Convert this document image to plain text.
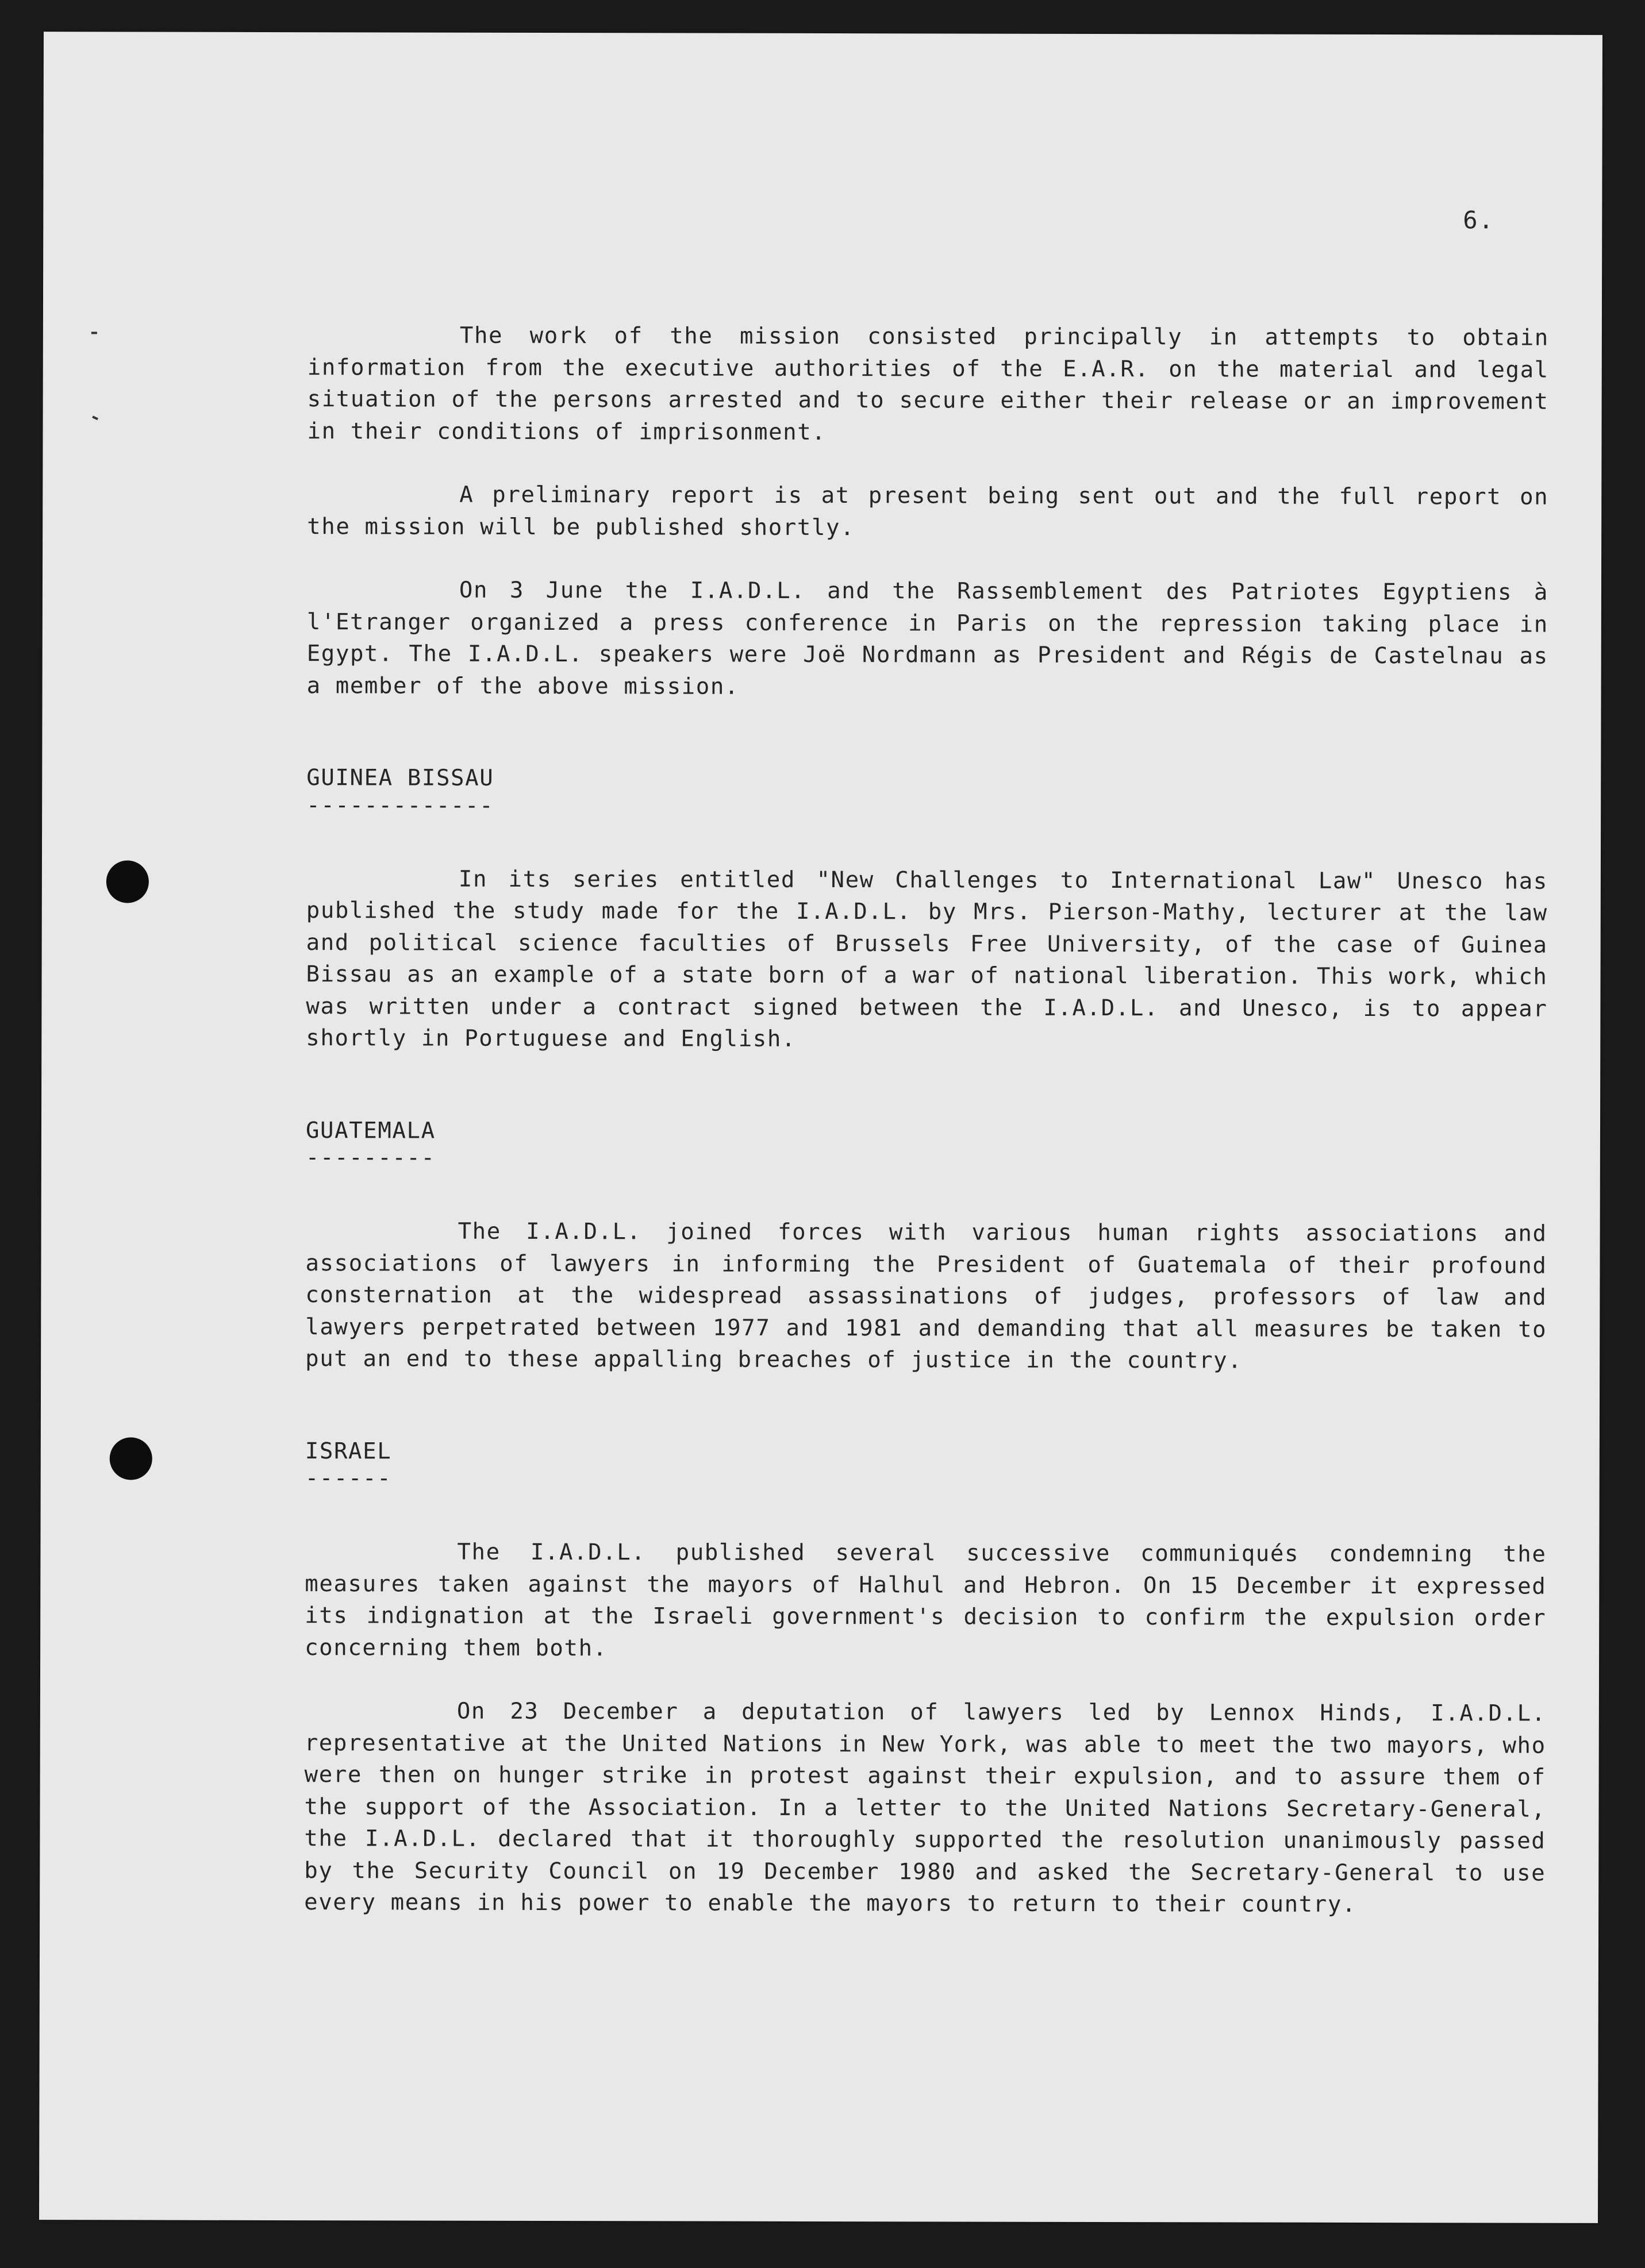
6.

The work of the mission consisted principally in attempts to obtain information from the executive authorities of the E.A.R. on the material and legal situation of the persons arrested and to secure either their release or an improvement in their conditions of imprisonment.

A preliminary report is at present being sent out and the full report on the mission will be published shortly.

On 3 June the I.A.D.L. and the Rassemblement des Patriotes Egyptiens à l'Etranger organized a press conference in Paris on the repression taking place in Egypt. The I.A.D.L. speakers were Joë Nordmann as President and Régis de Castelnau as a member of the above mission.

GUINEA BISSAU

-------------

In its series entitled "New Challenges to International Law" Unesco has published the study made for the I.A.D.L. by Mrs. Pierson-Mathy, lecturer at the law and political science faculties of Brussels Free University, of the case of Guinea Bissau as an example of a state born of a war of national liberation. This work, which was written under a contract signed between the I.A.D.L. and Unesco, is to appear shortly in Portuguese and English.

GUATEMALA

---------

The I.A.D.L. joined forces with various human rights associations and associations of lawyers in informing the President of Guatemala of their profound consternation at the widespread assassinations of judges, professors of law and lawyers perpetrated between 1977 and 1981 and demanding that all measures be taken to put an end to these appalling breaches of justice in the country.

ISRAEL

------

The I.A.D.L. published several successive communiqués condemning the measures taken against the mayors of Halhul and Hebron. On 15 December it expressed its indignation at the Israeli government's decision to confirm the expulsion order concerning them both.

On 23 December a deputation of lawyers led by Lennox Hinds, I.A.D.L. representative at the United Nations in New York, was able to meet the two mayors, who were then on hunger strike in protest against their expulsion, and to assure them of the support of the Association. In a letter to the United Nations Secretary-General, the I.A.D.L. declared that it thoroughly supported the resolution unanimously passed by the Security Council on 19 December 1980 and asked the Secretary-General to use every means in his power to enable the mayors to return to their country.
